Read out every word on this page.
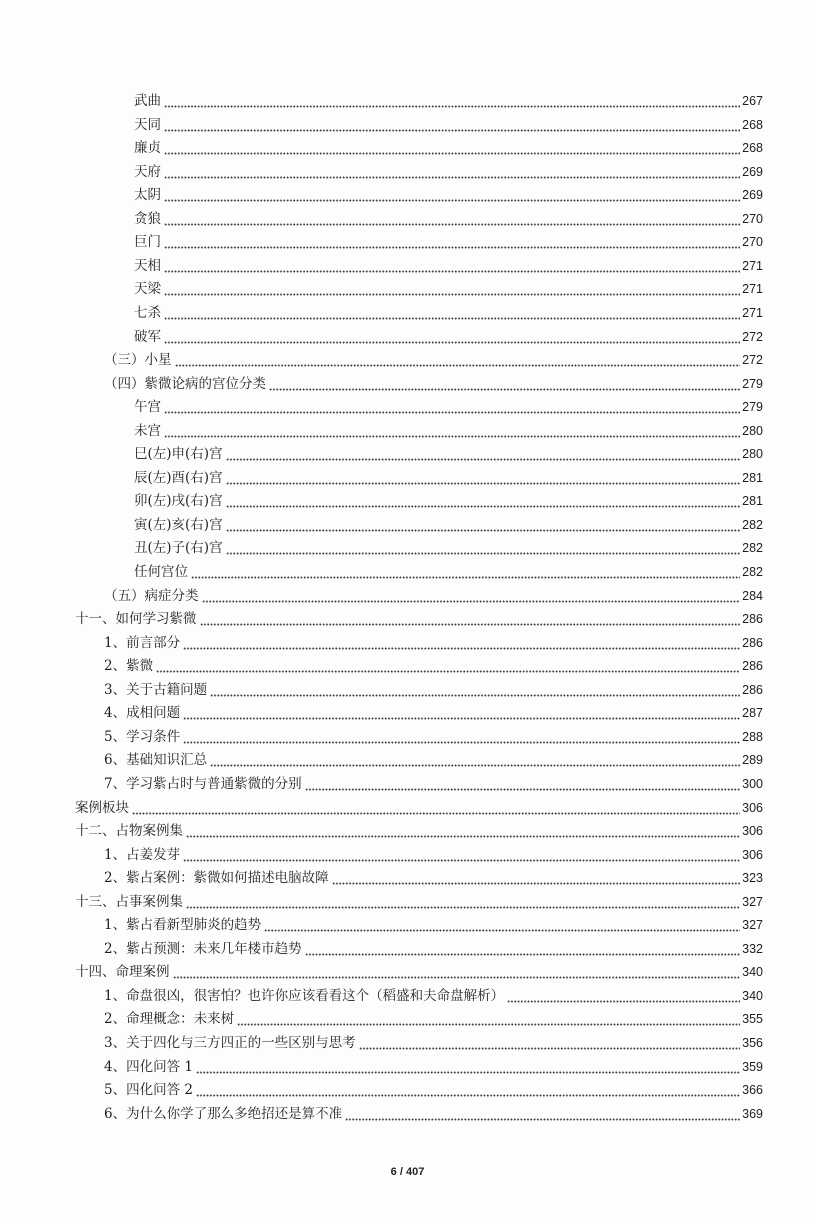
武曲	267
天同	268
廉贞	268
天府	269
太阴	269
贪狼	270
巨门	270
天相	271
天梁	271
七杀	271
破军	272
（三）小星	272
（四）紫微论病的宫位分类	279
午宫	279
未宫	280
巳(左)申(右)宫	280
辰(左)酉(右)宫	281
卯(左)戌(右)宫	281
寅(左)亥(右)宫	282
丑(左)子(右)宫	282
任何宫位	282
（五）病症分类	284
十一、如何学习紫微	286
1、前言部分	286
2、紫微	286
3、关于古籍问题	286
4、成相问题	287
5、学习条件	288
6、基础知识汇总	289
7、学习紫占时与普通紫微的分别	300
案例板块	306
十二、占物案例集	306
1、占姜发芽	306
2、紫占案例：紫微如何描述电脑故障	323
十三、占事案例集	327
1、紫占看新型肺炎的趋势	327
2、紫占预测：未来几年楼市趋势	332
十四、命理案例	340
1、命盘很凶，很害怕？也许你应该看看这个（稻盛和夫命盘解析）	340
2、命理概念：未来树	355
3、关于四化与三方四正的一些区别与思考	356
4、四化问答 1	359
5、四化问答 2	366
6、为什么你学了那么多绝招还是算不准	369
6 / 407
